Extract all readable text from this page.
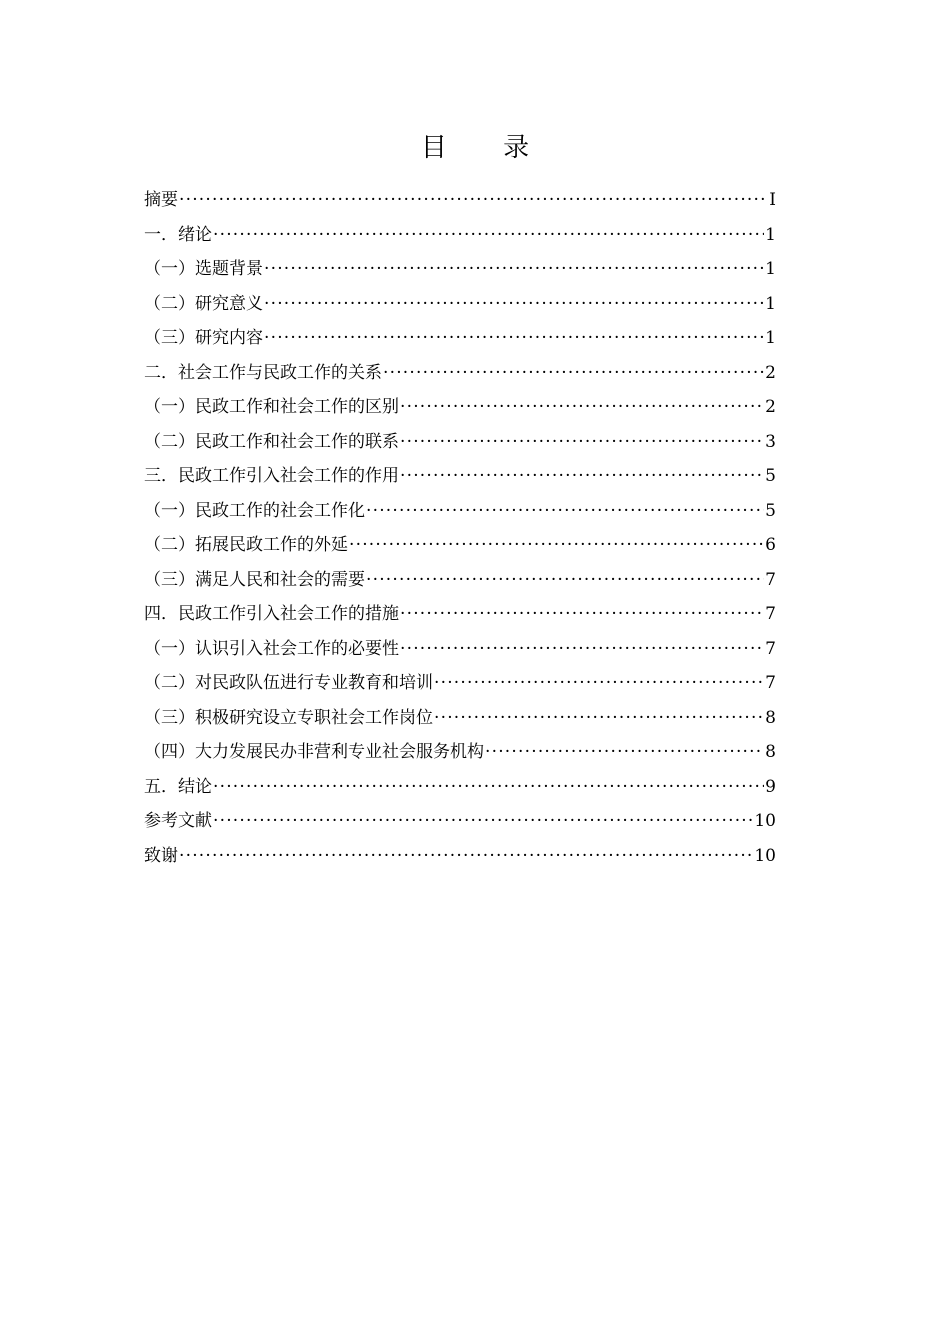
目 录
摘要 ·····	I
一．绪论 ·····	1
（一）选题背景 ·····	1
（二）研究意义 ·····	1
（三）研究内容 ·····	1
二．社会工作与民政工作的关系 ·····	2
（一）民政工作和社会工作的区别 ·····	2
（二）民政工作和社会工作的联系 ·····	3
三．民政工作引入社会工作的作用 ·····	5
（一）民政工作的社会工作化 ·····	5
（二）拓展民政工作的外延 ·····	6
（三）满足人民和社会的需要 ·····	7
四．民政工作引入社会工作的措施 ·····	7
（一）认识引入社会工作的必要性 ·····	7
（二）对民政队伍进行专业教育和培训 ·····	7
（三）积极研究设立专职社会工作岗位 ·····	8
（四）大力发展民办非营利专业社会服务机构 ·····	8
五．结论 ·····	9
参考文献 ·····	10
致谢 ·····	10
